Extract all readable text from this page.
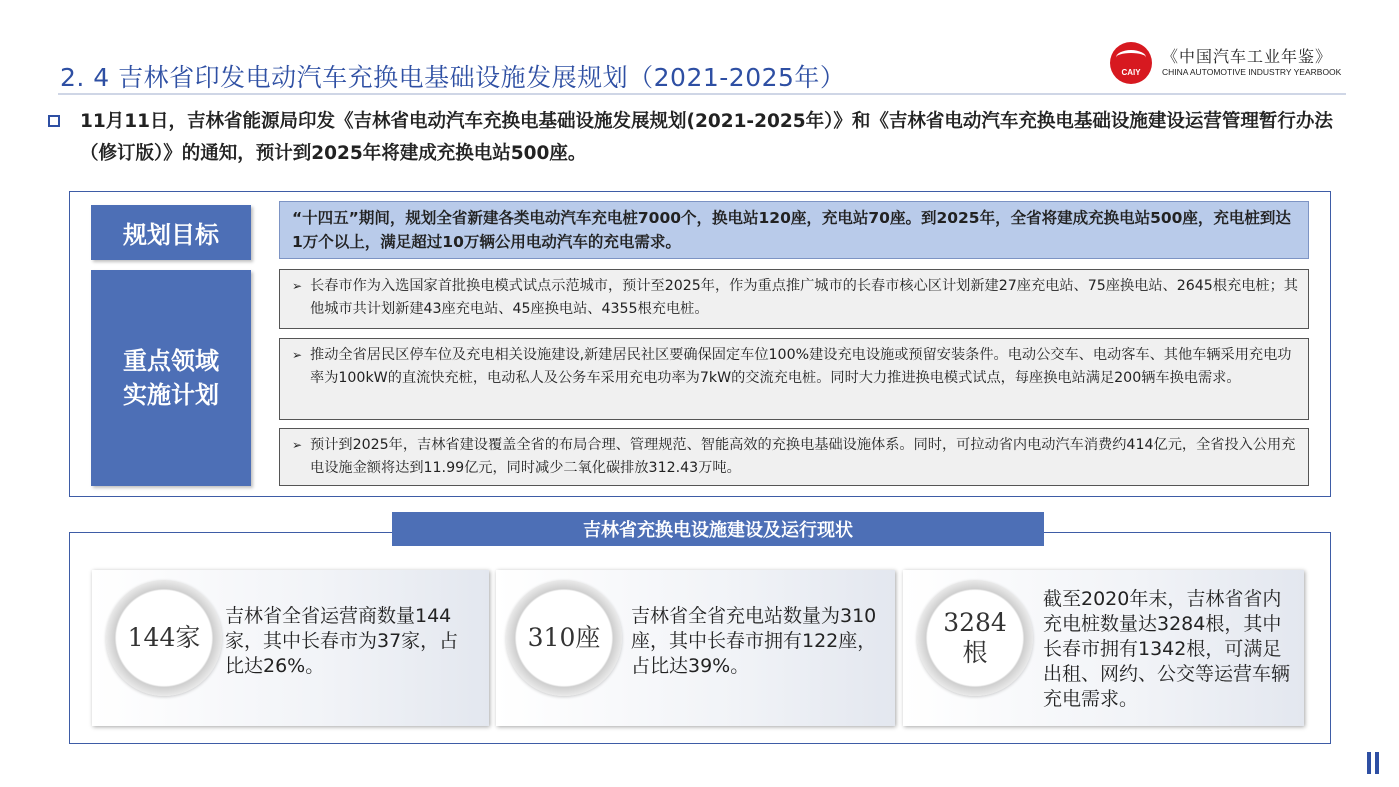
2. 4 吉林省印发电动汽车充换电基础设施发展规划（2021-2025年）	CAIY
《中国汽车工业年鉴》
CHINA AUTOMOTIVE INDUSTRY YEARBOOK
11月11日，吉林省能源局印发《吉林省电动汽车充换电基础设施发展规划(2021-2025年）》和《吉林省电动汽车充换电基础设施建设运营管理暂行办法（修订版）》的通知，预计到2025年将建成充换电站500座。
规划目标
重点领域
实施计划
“十四五”期间，规划全省新建各类电动汽车充电桩7000个，换电站120座，充电站70座。到2025年，全省将建成充换电站500座，充电桩到达1万个以上，满足超过10万辆公用电动汽车的充电需求。
➢ 长春市作为入选国家首批换电模式试点示范城市，预计至2025年，作为重点推广城市的长春市核心区计划新建27座充电站、75座换电站、2645根充电桩；其他城市共计划新建43座充电站、45座换电站、4355根充电桩。
➢ 推动全省居民区停车位及充电相关设施建设,新建居民社区要确保固定车位100%建设充电设施或预留安装条件。电动公交车、电动客车、其他车辆采用充电功率为100kW的直流快充桩，电动私人及公务车采用充电功率为7kW的交流充电桩。同时大力推进换电模式试点，每座换电站满足200辆车换电需求。
➢ 预计到2025年，吉林省建设覆盖全省的布局合理、管理规范、智能高效的充换电基础设施体系。同时，可拉动省内电动汽车消费约414亿元，全省投入公用充电设施金额将达到11.99亿元，同时减少二氧化碳排放312.43万吨。
吉林省充换电设施建设及运行现状
144家
吉林省全省运营商数量144家，其中长春市为37家，占比达26%。
310座
吉林省全省充电站数量为310座，其中长春市拥有122座，占比达39%。
3284
根
截至2020年末，吉林省省内充电桩数量达3284根，其中长春市拥有1342根，可满足出租、网约、公交等运营车辆充电需求。
